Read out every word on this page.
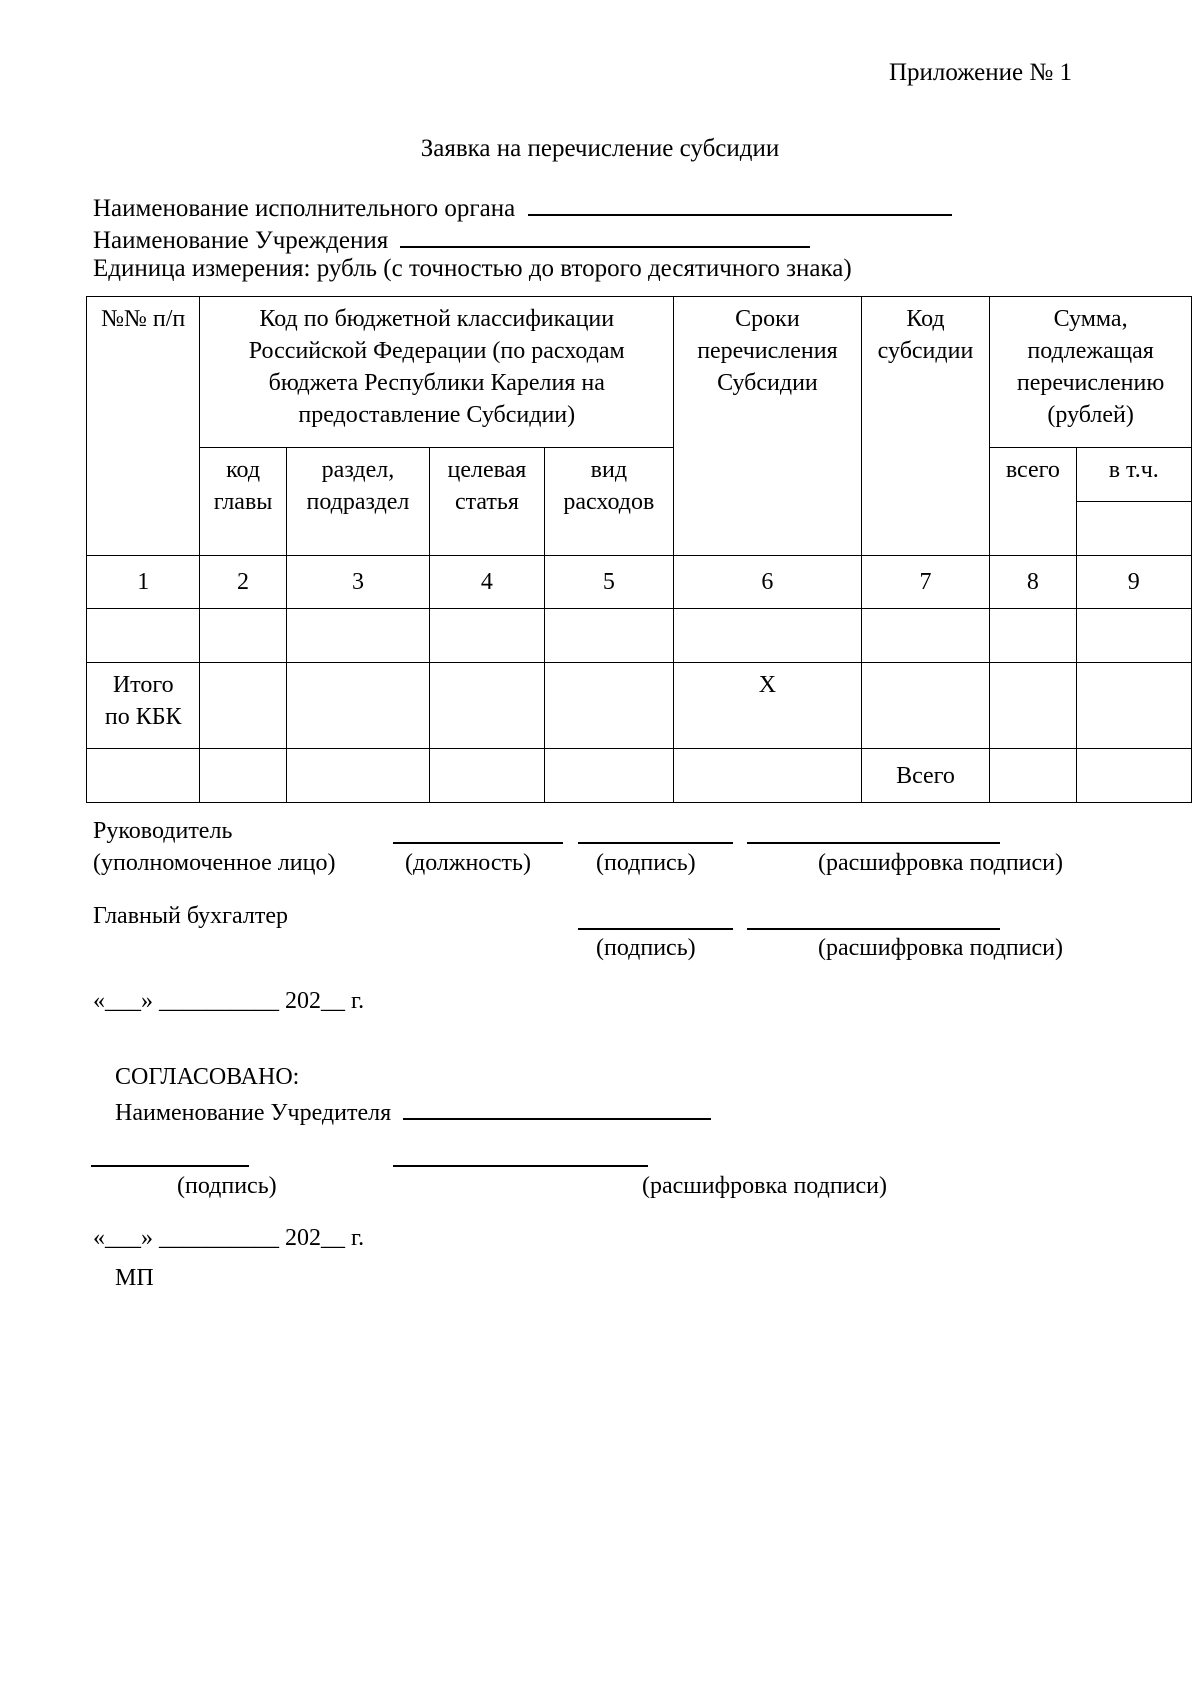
Приложение № 1
Заявка на перечисление субсидии
Наименование исполнительного органа
Наименование Учреждения
Единица измерения: рубль (с точностью до второго десятичного знака)
№№ п/п	Код по бюджетной классификации Российской Федерации (по расходам бюджета Республики Карелия на предоставление Субсидии)				Сроки перечисления Субсидии	Код субсидии	Сумма, подлежащая перечислению (рублей)	
	код главы	раздел, подраздел	целевая статья	вид расходов			всего	в т.ч.

1	2	3	4	5	6	7	8	9

Итого по КБК					X			
						Всего		
Руководитель
(уполномоченное лицо)	(должность)	(подпись)	(расшифровка подписи)
Главный бухгалтер
(подпись)	(расшифровка подписи)
«___» __________ 202__ г.
СОГЛАСОВАНО:
Наименование Учредителя
(подпись)	(расшифровка подписи)
«___» __________ 202__ г.
МП
